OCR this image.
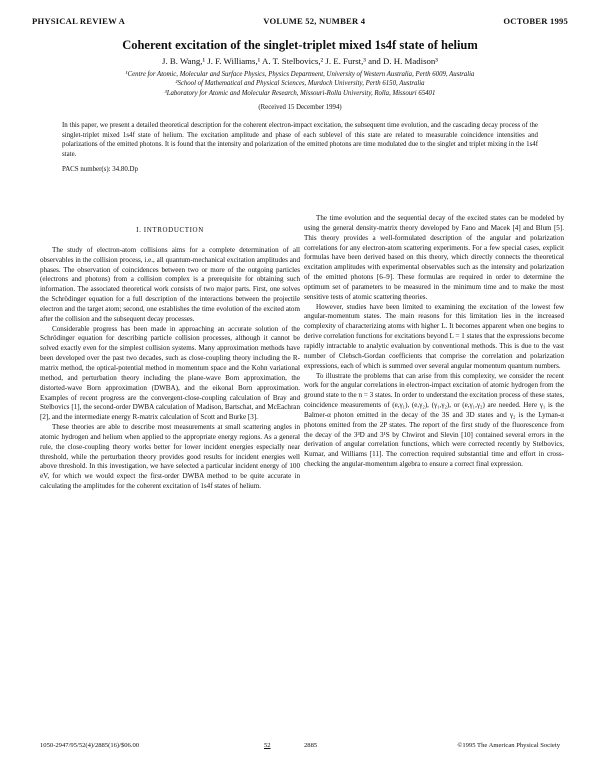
PHYSICAL REVIEW A	VOLUME 52, NUMBER 4	OCTOBER 1995
Coherent excitation of the singlet-triplet mixed 1s4f state of helium
J. B. Wang,¹ J. F. Williams,¹ A. T. Stelbovics,² J. E. Furst,³ and D. H. Madison³
¹Centre for Atomic, Molecular and Surface Physics, Physics Department, University of Western Australia, Perth 6009, Australia
²School of Mathematical and Physical Sciences, Murdoch University, Perth 6150, Australia
³Laboratory for Atomic and Molecular Research, Missouri-Rolla University, Rolla, Missouri 65401
(Received 15 December 1994)

In this paper, we present a detailed theoretical description for the coherent electron-impact excitation, the subsequent time evolution, and the cascading decay process of the singlet-triplet mixed 1s4f state of helium. The excitation amplitude and phase of each sublevel of this state are related to measurable coincidence intensities and polarizations of the emitted photons. It is found that the intensity and polarization of the emitted photons are time modulated due to the singlet and triplet mixing in the 1s4f state.

PACS number(s): 34.80.Dp
I. INTRODUCTION

The study of electron-atom collisions aims for a complete determination of all observables in the collision process, i.e., all quantum-mechanical excitation amplitudes and phases. The observation of coincidences between two or more of the outgoing particles (electrons and photons) from a collision complex is a prerequisite for obtaining such information. The associated theoretical work consists of two major parts. First, one solves the Schrödinger equation for a full description of the interactions between the projectile electron and the target atom; second, one establishes the time evolution of the excited atom after the collision and the subsequent decay processes.

Considerable progress has been made in approaching an accurate solution of the Schrödinger equation for describing particle collision processes, although it cannot be solved exactly even for the simplest collision systems. Many approximation methods have been developed over the past two decades, such as close-coupling theory including the R-matrix method, the optical-potential method in momentum space and the Kohn variational method, and perturbation theory including the plane-wave Born approximation, the distorted-wave Born approximation (DWBA), and the eikonal Born approximation. Examples of recent progress are the convergent-close-coupling calculation of Bray and Stelbovics [1], the second-order DWBA calculation of Madison, Bartschat, and McEachran [2], and the intermediate energy R-matrix calculation of Scott and Burke [3].

These theories are able to describe most measurements at small scattering angles in atomic hydrogen and helium when applied to the appropriate energy regions. As a general rule, the close-coupling theory works better for lower incident energies especially near threshold, while the perturbation theory provides good results for incident energies well above threshold. In this investigation, we have selected a particular incident energy of 100 eV, for which we would expect the first-order DWBA method to be quite accurate in calculating the amplitudes for the coherent excitation of 1s4f states of helium.

The time evolution and the sequential decay of the excited states can be modeled by using the general density-matrix theory developed by Fano and Macek [4] and Blum [5]. This theory provides a well-formulated description of the angular and polarization correlations for any electron-atom scattering experiments. For a few special cases, explicit formulas have been derived based on this theory, which directly connects the theoretical excitation amplitudes with experimental observables such as the intensity and polarization of the emitted photons [6–9]. These formulas are required in order to determine the optimum set of parameters to be measured in the minimum time and to make the most sensitive tests of atomic scattering theories.

However, studies have been limited to examining the excitation of the lowest few angular-momentum states. The main reasons for this limitation lies in the increased complexity of characterizing atoms with higher L. It becomes apparent when one begins to derive correlation functions for excitations beyond L = 1 states that the expressions become rapidly intractable to analytic evaluation by conventional methods. This is due to the vast number of Clebsch-Gordan coefficients that comprise the correlation and polarization expressions, each of which is summed over several angular momentum quantum numbers.

To illustrate the problems that can arise from this complexity, we consider the recent work for the angular correlations in electron-impact excitation of atomic hydrogen from the ground state to the n = 3 states. In order to understand the excitation process of these states, coincidence measurements of (e,γ₁), (e,γ₂), (γ₁,γ₂), or (e,γ₁,γ₂) are needed. Here γ₁ is the Balmer-α photon emitted in the decay of the 3S and 3D states and γ₂ is the Lyman-α photons emitted from the 2P states. The report of the first study of the fluorescence from the decay of the 3³D and 3¹S by Chwirot and Slevin [10] contained several errors in the derivation of angular correlation functions, which were corrected recently by Stelbovics, Kumar, and Williams [11]. The correction required substantial time and effort in cross-checking the angular-momentum algebra to ensure a correct final expression.

1050-2947/95/52(4)/2885(16)/$06.00	52	2885	©1995 The American Physical Society
